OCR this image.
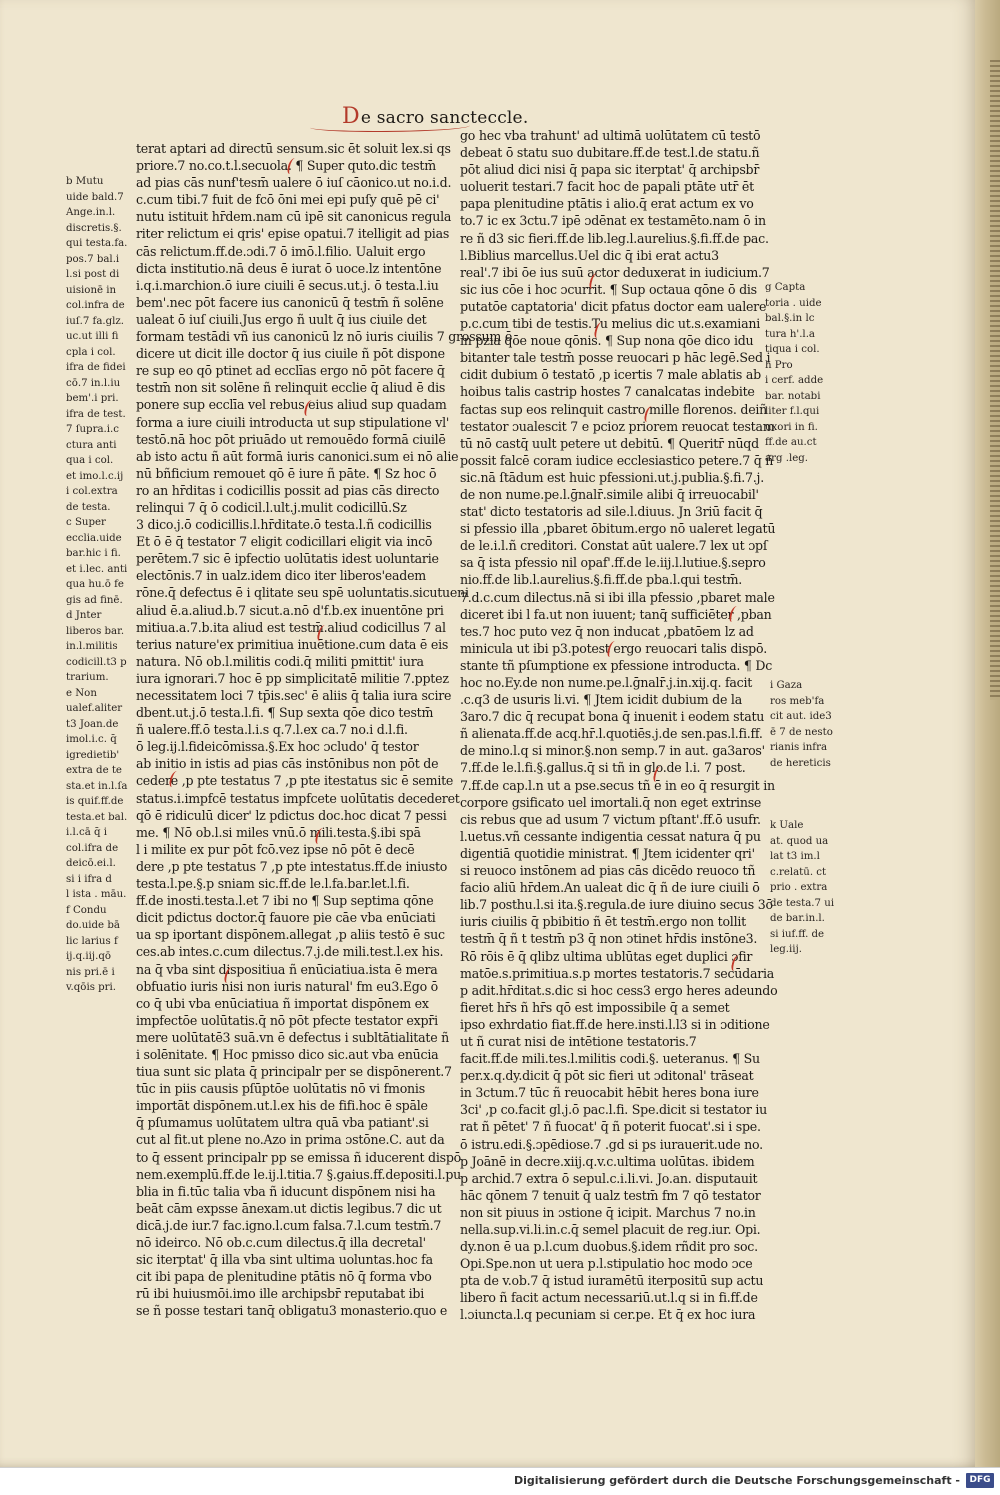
De sacro sancteccle.
b Mutu
uide bald.7
Ange.in.l.
discretis.§.
qui testa.fa.
pos.7 bal.i
l.si post di
uisionē in
col.infra de
iuſ.7 fa.glz.
uc.ut illi fi
cpla i col.
ifra de fidei
cō.7 in.l.iu
bem'.i pri.
ifra de test.
7 ſupra.i.c
ctura anti
qua i col.
et imo.l.c.ij
i col.extra
de testa.
c Super
ecclia.uide
bar.hic i fi.
et i.lec. anti
qua hu.ō fe
gis ad finē.
d Jnter
liberos bar.
in.l.militis
codicill.t3 p
trarium.
e Non
ualef.aliter
t3 Joan.de
imol.i.c. q̄
igredietib'
extra de te
sta.et in.l.ſa
is quif.ff.de
testa.et bal.
i.l.cā q̄ i
col.ifra de
deicō.ei.l.
si i ifra d
l ista . māu.
f Condu
do.uide bā
lic larius f
ij.q.iij.qō
nis pri.ē i
v.qōis pri.
terat aptari ad directū sensum.sic ēt soluit lex.si qs
priore.7 no.co.t.l.secuola. ¶ Super quto.dic testm̄
ad pias cās nunẜ'tesm̄ ualere ō iuſ cāonico.ut no.i.d.
c.cum tibi.7 fuit de fcō ōni mei epi puſy quē pē ci'
nutu istituit hr̄dem.nam cū ipē sit canonicus regula
riter relictum ei qris' epise opatui.7 itelligit ad pias
cās relictum.ff.de.ɔdi.7 ō imō.l.filio. Ualuit ergo
dicta institutio.nā deus ē iurat ō uoce.lz intentōne
i.q.i.marchion.ō iure ciuili ē secus.ut.j. ō testa.l.iu
bem'.nec pōt facere ius canonicū q̄ testm̄ ñ solēne
ualeat ō iuſ ciuili.Jus ergo ñ uult q̄ ius ciuile det
formam testādi vñ ius canonicū lz nō iuris ciuilis 7 grossum ē
dicere ut dicit ille doctor q̄ ius ciuile ñ pōt dispone
re sup eo qō ptinet ad ecclīas ergo nō pōt facere q̄
testm̄ non sit solēne ñ relinquit ecclie q̄ aliud ē dis
ponere sup ecclīa vel rebus eius aliud sup quadam
forma a iure ciuili introducta ut sup stipulatione vl'
testō.nā hoc pōt priuādo ut remouēdo formā ciuilē
ab isto actu ñ aūt formā iuris canonici.sum ei nō alie
nū bñficium remouet qō ē iure ñ pāte. ¶ Sz hoc ō
ro an hr̄ditas i codicillis possit ad pias cās directo
relinqui 7 q̄ ō codicil.l.ult.j.mulit codicillū.Sz
3 dico.j.ō codicillis.l.hr̄ditate.ō testa.l.ñ codicillis
Et ō ē q̄ testator 7 eligit codicillari eligit via incō
perētem.7 sic ē ipfectio uolūtatis idest uoluntarie
electōnis.7 in ualz.idem dico iter liberos'eadem
rōne.q̄ defectus ē i qlitate seu spē uoluntatis.sicutueni
aliud ē.a.aliud.b.7 sicut.a.nō d'f.b.ex inuentōne pri
mitiua.a.7.b.ita aliud est testm̄.aliud codicillus 7 al
terius nature'ex primitiua inuētione.cum data ē eis
natura. Nō ob.l.militis codi.q̄ militi pmittit' iura
iura ignorari.7 hoc ē pp simplicitatē militie 7.pptez
necessitatem loci 7 tp̄is.sec' ē aliis q̄ talia iura scire
dbent.ut.j.ō testa.l.fi. ¶ Sup sexta qōe dico testm̄
ñ ualere.ff.ō testa.l.i.s q.7.l.ex ca.7 no.i d.l.fi.
ō leg.ij.l.fideicōmissa.§.Ex hoc ɔcludo' q̄ testor
ab initio in istis ad pias cās instōnibus non pōt de
cedere ,p pte testatus 7 ,p pte itestatus sic ē semite
status.i.impfcē testatus impfcete uolūtatis decederet
qō ē ridiculū dicer' lz pdictus doc.hoc dicat 7 pessi
me. ¶ Nō ob.l.si miles vnū.ō mili.testa.§.ibi spā
l i milite ex pur pōt fcō.vez ipse nō pōt ē decē
dere ,p pte testatus 7 ,p pte intestatus.ff.de iniusto
testa.l.pe.§.p sniam sic.ff.de le.l.fa.bar.let.l.fi.
ff.de inosti.testa.l.et 7 ibi no ¶ Sup septima qōne
dicit pdictus doctor.q̄ fauore pie cāe vba enūciati
ua sp iportant dispōnem.allegat ,p aliis testō ē suc
ces.ab intes.c.cum dilectus.7.j.de mili.test.l.ex his.
na q̄ vba sint dispositiua ñ enūciatiua.ista ē mera
obfuatio iuris nisi non iuris natural' fm eu3.Ego ō
co q̄ ubi vba enūciatiua ñ importat dispōnem ex
impfectōe uolūtatis.q̄ nō pōt pfecte testator expr̄i
mere uolūtatē3 suā.vn ē defectus i subltātialitate ñ
i solēnitate. ¶ Hoc pmisso dico sic.aut vba enūcia
tiua sunt sic plata q̄ principalr per se dispōnerent.7
tūc in piis causis pſūptōe uolūtatis nō vi fmonis
importāt dispōnem.ut.l.ex his de fifi.hoc ē spāle
q̄ pſumamus uolūtatem ultra quā vba patiant'.si
cut al fit.ut plene no.Azo in prima ɔstōne.C. aut da
to q̄ essent principalr pp se emissa ñ iducerent dispō
nem.exemplū.ff.de le.ij.l.titia.7 §.gaius.ff.depositi.l.pu
blia in fi.tūc talia vba ñ iducunt dispōnem nisi ha
beāt cām expsse ānexam.ut dictis legibus.7 dic ut
dicā.j.de iur.7 fac.igno.l.cum falsa.7.l.cum testm̄.7
nō ideirco. Nō ob.c.cum dilectus.q̄ illa decretal'
sic iterptat' q̄ illa vba sint ultima uoluntas.hoc fa
cit ibi papa de plenitudine ptātis nō q̄ forma vbo
rū ibi huiusmōi.imo ille archipsbr̄ reputabat ibi
se ñ posse testari tanq̄ obligatu3 monasterio.quo e
go hec vba trahunt' ad ultimā uolūtatem cū testō
debeat ō statu suo dubitare.ff.de test.l.de statu.ñ
pōt aliud dici nisi q̄ papa sic iterptat' q̄ archipsbr̄
uoluerit testari.7 facit hoc de papali ptāte utr̄ ēt
papa plenitudine ptātis i alio.q̄ erat actum ex vo
to.7 ic ex 3ctu.7 ipē ɔdēnat ex testamēto.nam ō in
re ñ d3 sic fieri.ff.de lib.leg.l.aurelius.§.fi.ff.de pac.
l.Biblius marcellus.Uel dic q̄ ibi erat actu3
real'.7 ibi ōe ius suū actor deduxerat in iudicium.7
sic ius cōe i hoc ɔcurrit. ¶ Sup octaua qōne ō dis
putatōe captatoria' dicit pfatus doctor eam ualere
p.c.cum tibi de testis.Tu melius dic ut.s.examiani
in pzia qōe noue qōnis. ¶ Sup nona qōe dico idu
bitanter tale testm̄ posse reuocari p hāc legē.Sed i
cidit dubium ō testatō ,p icertis 7 male ablatis ab
hoibus talis castrip hostes 7 canalcatas indebite
factas sup eos relinquit castro mille florenos. deiñ
testator ɔualescit 7 e pcioz priorem reuocat testam
tū nō castq̄ uult petere ut debitū. ¶ Queritr̄ nūqd
possit falcē coram iudice ecclesiastico petere.7 q̄ ñ
sic.nā ſtādum est huic pfessioni.ut.j.publia.§.fi.7.j.
de non nume.pe.l.ḡnalr̄.simile alibi q̄ irreuocabil'
stat' dicto testatoris ad sile.l.diuus. Jn 3riū facit q̄
si pfessio illa ,pbaret ōbitum.ergo nō ualeret legatū
de le.i.l.ñ creditori. Constat aūt ualere.7 lex ut ɔpſ
sa q̄ ista pfessio nil opaf'.ff.de le.iij.l.lutiue.§.sepro
nio.ff.de lib.l.aurelius.§.fi.ff.de pba.l.qui testm̄.
7.d.c.cum dilectus.nā si ibi illa pfessio ,pbaret male
diceret ibi l fa.ut non iuuent; tanq̄ sufficiēter ,pban
tes.7 hoc puto vez q̄ non inducat ,pbatōem lz ad
minicula ut ibi p3.potest ergo reuocari talis dispō.
stante tñ pſumptione ex pfessione introducta. ¶ Dc
hoc no.Ey.de non nume.pe.l.ḡnalr̄.j.in.xij.q. facit
.c.q3 de usuris li.vi. ¶ Jtem icidit dubium de la
3aro.7 dic q̄ recupat bona q̄ inuenit i eodem statu
ñ alienata.ff.de acq.hr̄.l.quotiēs.j.de sen.pas.l.fi.ff.
de mino.l.q si minor.§.non semp.7 in aut. ga3aros'
7.ff.de le.l.fi.§.gallus.q̄ si tñ in glo.de l.i. 7 post.
7.ff.de cap.l.n ut a pse.secus tñ ē in eo q̄ resurgit in
corpore gsificato uel imortali.q̄ non eget extrinse
cis rebus que ad usum 7 victum pſtant'.ff.ō usufr.
l.uetus.vñ cessante indigentia cessat natura q̄ pu
digentiā quotidie ministrat. ¶ Jtem icidenter qri'
si reuoco instōnem ad pias cās dicēdo reuoco tñ
facio aliū hr̄dem.An ualeat dic q̄ ñ de iure ciuili ō
lib.7 posthu.l.si ita.§.regula.de iure diuino secus 3ō
iuris ciuilis q̄ pbibitio ñ ēt testm̄.ergo non tollit
testm̄ q̄ ñ t testm̄ p3 q̄ non ɔtinet hr̄dis instōne3.
Rō rōis ē q̄ qlibz ultima ublūtas eget duplici ɔfir
matōe.s.primitiua.s.p mortes testatoris.7 secūdaria
p adit.hr̄ditat.s.dic si hoc cess3 ergo heres adeundo
fieret hr̄s ñ hr̄s qō est impossibile q̄ a semet
ipso exhrdatio fiat.ff.de here.insti.l.l3 si in ɔditione
ut ñ curat nisi de intētione testatoris.7
facit.ff.de mili.tes.l.militis codi.§. ueteranus. ¶ Su
per.x.q.dy.dicit q̄ pōt sic fieri ut ɔditonal' trāseat
in 3ctum.7 tūc ñ reuocabit hēbit heres bona iure
3ci' ,p co.facit gl.j.ō pac.l.fi. Spe.dicit si testator iu
rat ñ pētet' 7 ñ fuocat' q̄ ñ poterit fuocat'.si i spe.
ō istru.edi.§.ɔpēdiose.7 .gd si ps iurauerit.ude no.
p Joānē in decre.xiij.q.v.c.ultima uolūtas. ibidem
p archid.7 extra ō sepul.c.i.li.vi. Jo.an. disputauit
hāc qōnem 7 tenuit q̄ ualz testm̄ fm 7 qō testator
non sit piuus in ɔstione q̄ icipit. Marchus 7 no.in
nella.sup.vi.li.in.c.q̄ semel placuit de reg.iur. Opi.
dy.non ē ua p.l.cum duobus.§.idem rñdit pro soc.
Opi.Spe.non ut uera p.l.stipulatio hoc modo ɔce
pta de v.ob.7 q̄ istud iuramētū iterpositū sup actu
libero ñ facit actum necessariū.ut.l.q si in fi.ff.de
l.ɔiuncta.l.q pecuniam si cer.pe. Et q̄ ex hoc iura
g Capta
toria . uide
bal.§.in lc
tura h'.l.a
tiqua i col.
h Pro
i cerf. adde
bar. notabi
liter f.l.qui
uxori in fi.
ff.de au.ct
arg .leg.
i Gaza
ros meb'fa
cit aut. ide3
ē 7 de nesto
rianis infra
de hereticis
k Uale
at. quod ua
lat t3 im.l
c.relatū. ct
prio . extra
de testa.7 ui
de bar.in.l.
si iuf.ff. de
leg.iij.
Digitalisierung gefördert durch die Deutsche Forschungsgemeinschaft -	DFG
